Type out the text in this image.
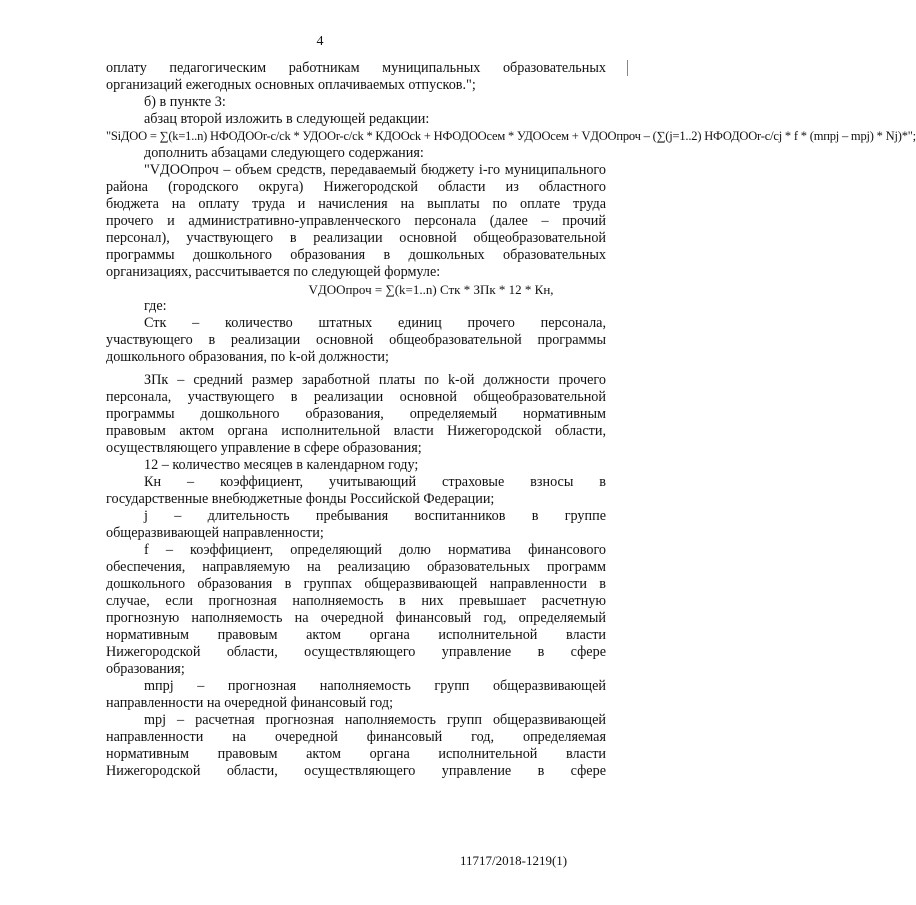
4

оплату педагогическим работникам муниципальных образовательных

организаций ежегодных основных оплачиваемых отпусков.";

б) в пункте 3:

абзац второй изложить в следующей редакции:

"SiДОО = ∑(k=1..n) НФОДООr-c/ck * УДООr-c/ck * КДООck + НФОДООсем * УДООсем + VДООпроч – (∑(j=1..2) НФОДООr-c/cj * f * (mпрj – mрj) * Nj)*";

дополнить абзацами следующего содержания:

"VДООпроч – объем средств, передаваемый бюджету i-го муниципального

района (городского округа) Нижегородской области из областного

бюджета на оплату труда и начисления на выплаты по оплате труда

прочего и административно-управленческого персонала (далее – прочий

персонал), участвующего в реализации основной общеобразовательной

программы дошкольного образования в дошкольных образовательных

организациях, рассчитывается по следующей формуле:

VДООпроч = ∑(k=1..n) Стк * ЗПк * 12 * Кн,

где:

Стк – количество штатных единиц прочего персонала,

участвующего в реализации основной общеобразовательной программы

дошкольного образования, по k-ой должности;

ЗПк – средний размер заработной платы по k-ой должности прочего

персонала, участвующего в реализации основной общеобразовательной

программы дошкольного образования, определяемый нормативным

правовым актом органа исполнительной власти Нижегородской области,

осуществляющего управление в сфере образования;

12 – количество месяцев в календарном году;

Кн – коэффициент, учитывающий страховые взносы в

государственные внебюджетные фонды Российской Федерации;

j – длительность пребывания воспитанников в группе

общеразвивающей направленности;

f – коэффициент, определяющий долю норматива финансового

обеспечения, направляемую на реализацию образовательных программ

дошкольного образования в группах общеразвивающей направленности в

случае, если прогнозная наполняемость в них превышает расчетную

прогнозную наполняемость на очередной финансовый год, определяемый

нормативным правовым актом органа исполнительной власти

Нижегородской области, осуществляющего управление в сфере

образования;

mпрj – прогнозная наполняемость групп общеразвивающей

направленности на очередной финансовый год;

mрj – расчетная прогнозная наполняемость групп общеразвивающей

направленности на очередной финансовый год, определяемая

нормативным правовым актом органа исполнительной власти

Нижегородской области, осуществляющего управление в сфере

11717/2018-1219(1)
